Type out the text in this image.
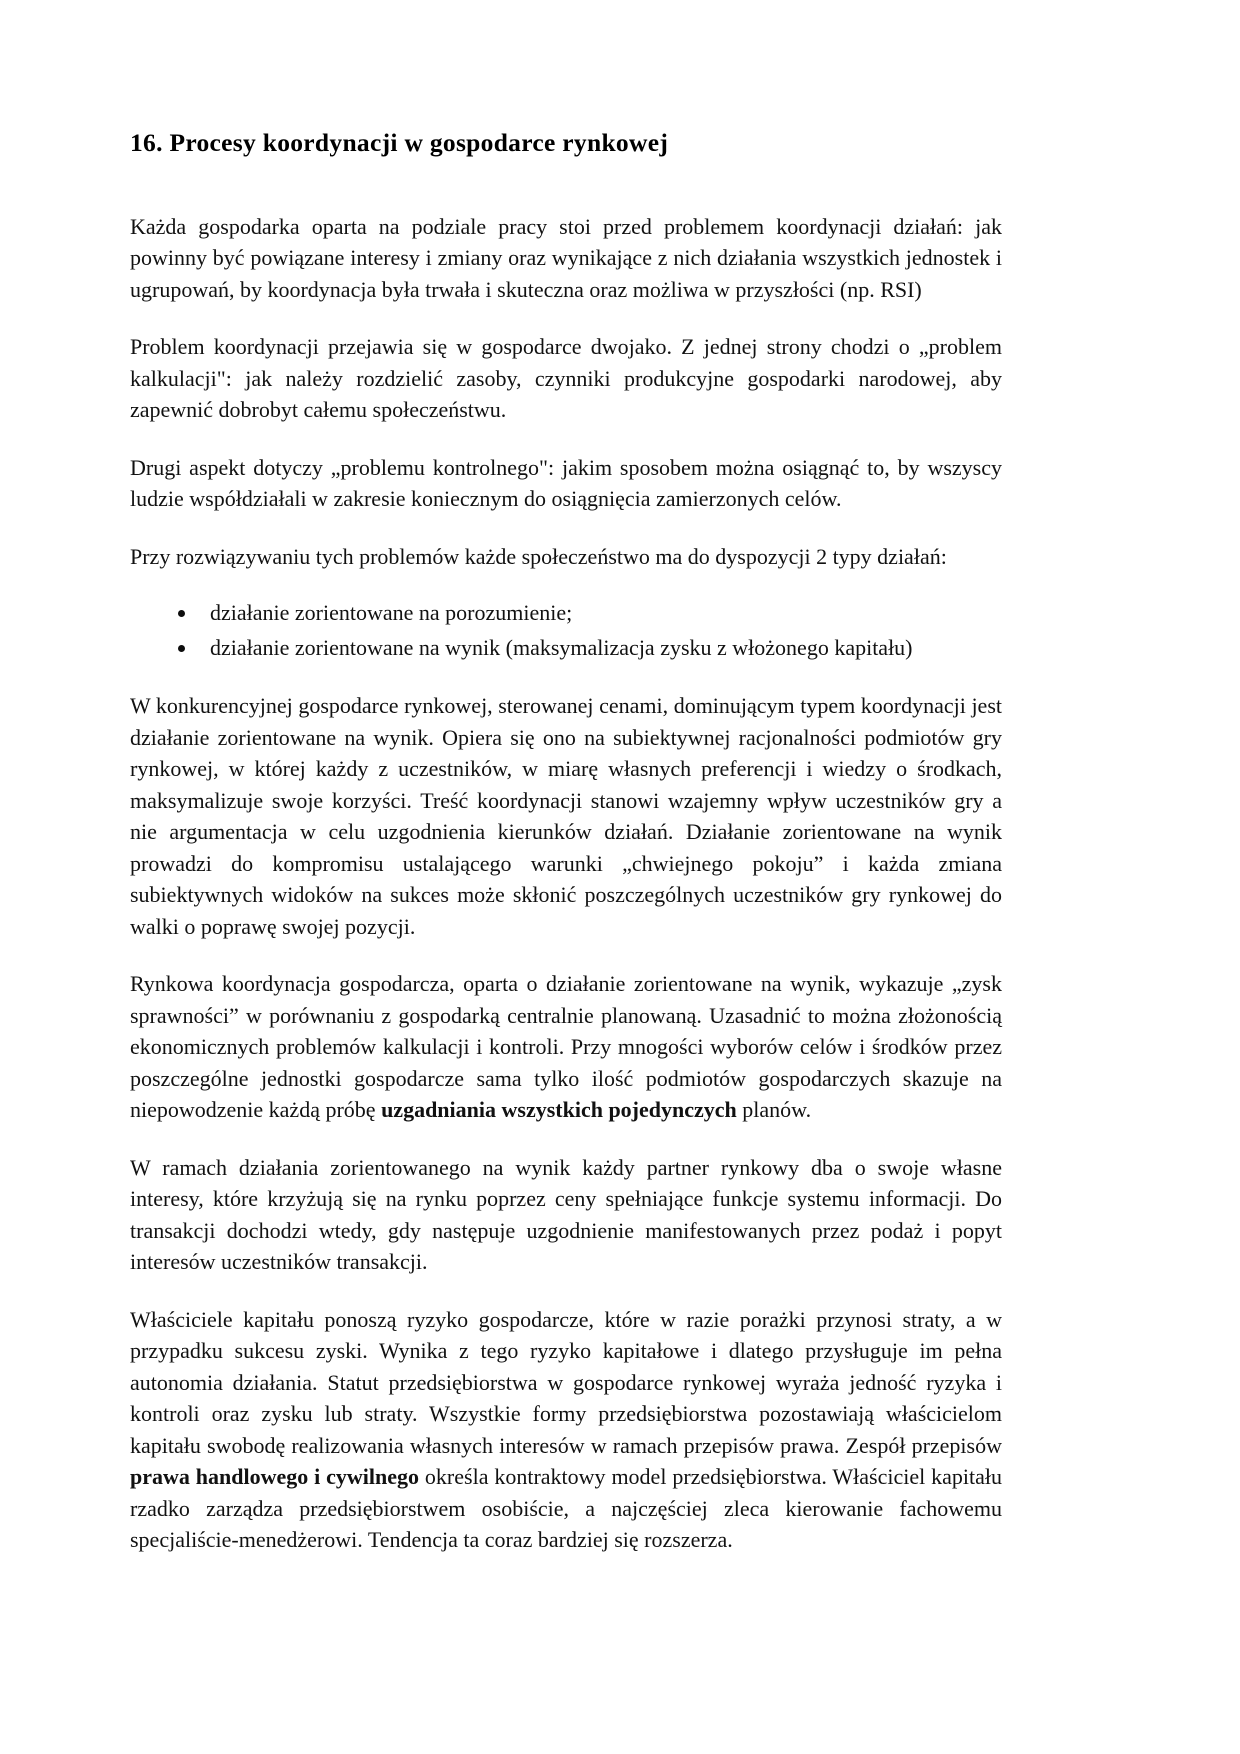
16. Procesy koordynacji w gospodarce rynkowej

Każda gospodarka oparta na podziale pracy stoi przed problemem koordynacji działań: jak powinny być powiązane interesy i zmiany oraz wynikające z nich działania wszystkich jednostek i ugrupowań, by koordynacja była trwała i skuteczna oraz możliwa w przyszłości (np. RSI)

Problem koordynacji przejawia się w gospodarce dwojako. Z jednej strony chodzi o „problem kalkulacji": jak należy rozdzielić zasoby, czynniki produkcyjne gospodarki narodowej, aby zapewnić dobrobyt całemu społeczeństwu.

Drugi aspekt dotyczy „problemu kontrolnego": jakim sposobem można osiągnąć to, by wszyscy ludzie współdziałali w zakresie koniecznym do osiągnięcia zamierzonych celów.

Przy rozwiązywaniu tych problemów każde społeczeństwo ma do dyspozycji 2 typy działań:

działanie zorientowane na porozumienie;
działanie zorientowane na wynik (maksymalizacja zysku z włożonego kapitału)

W konkurencyjnej gospodarce rynkowej, sterowanej cenami, dominującym typem koordynacji jest działanie zorientowane na wynik. Opiera się ono na subiektywnej racjonalności podmiotów gry rynkowej, w której każdy z uczestników, w miarę własnych preferencji i wiedzy o środkach, maksymalizuje swoje korzyści. Treść koordynacji stanowi wzajemny wpływ uczestników gry a nie argumentacja w celu uzgodnienia kierunków działań. Działanie zorientowane na wynik prowadzi do kompromisu ustalającego warunki „chwiejnego pokoju” i każda zmiana subiektywnych widoków na sukces może skłonić poszczególnych uczestników gry rynkowej do walki o poprawę swojej pozycji.

Rynkowa koordynacja gospodarcza, oparta o działanie zorientowane na wynik, wykazuje „zysk sprawności” w porównaniu z gospodarką centralnie planowaną. Uzasadnić to można złożonością ekonomicznych problemów kalkulacji i kontroli. Przy mnogości wyborów celów i środków przez poszczególne jednostki gospodarcze sama tylko ilość podmiotów gospodarczych skazuje na niepowodzenie każdą próbę uzgadniania wszystkich pojedynczych planów.

W ramach działania zorientowanego na wynik każdy partner rynkowy dba o swoje własne interesy, które krzyżują się na rynku poprzez ceny spełniające funkcje systemu informacji. Do transakcji dochodzi wtedy, gdy następuje uzgodnienie manifestowanych przez podaż i popyt interesów uczestników transakcji.

Właściciele kapitału ponoszą ryzyko gospodarcze, które w razie porażki przynosi straty, a w przypadku sukcesu zyski. Wynika z tego ryzyko kapitałowe i dlatego przysługuje im pełna autonomia działania. Statut przedsiębiorstwa w gospodarce rynkowej wyraża jedność ryzyka i kontroli oraz zysku lub straty. Wszystkie formy przedsiębiorstwa pozostawiają właścicielom kapitału swobodę realizowania własnych interesów w ramach przepisów prawa. Zespół przepisów prawa handlowego i cywilnego określa kontraktowy model przedsiębiorstwa. Właściciel kapitału rzadko zarządza przedsiębiorstwem osobiście, a najczęściej zleca kierowanie fachowemu specjaliście-menedżerowi. Tendencja ta coraz bardziej się rozszerza.
